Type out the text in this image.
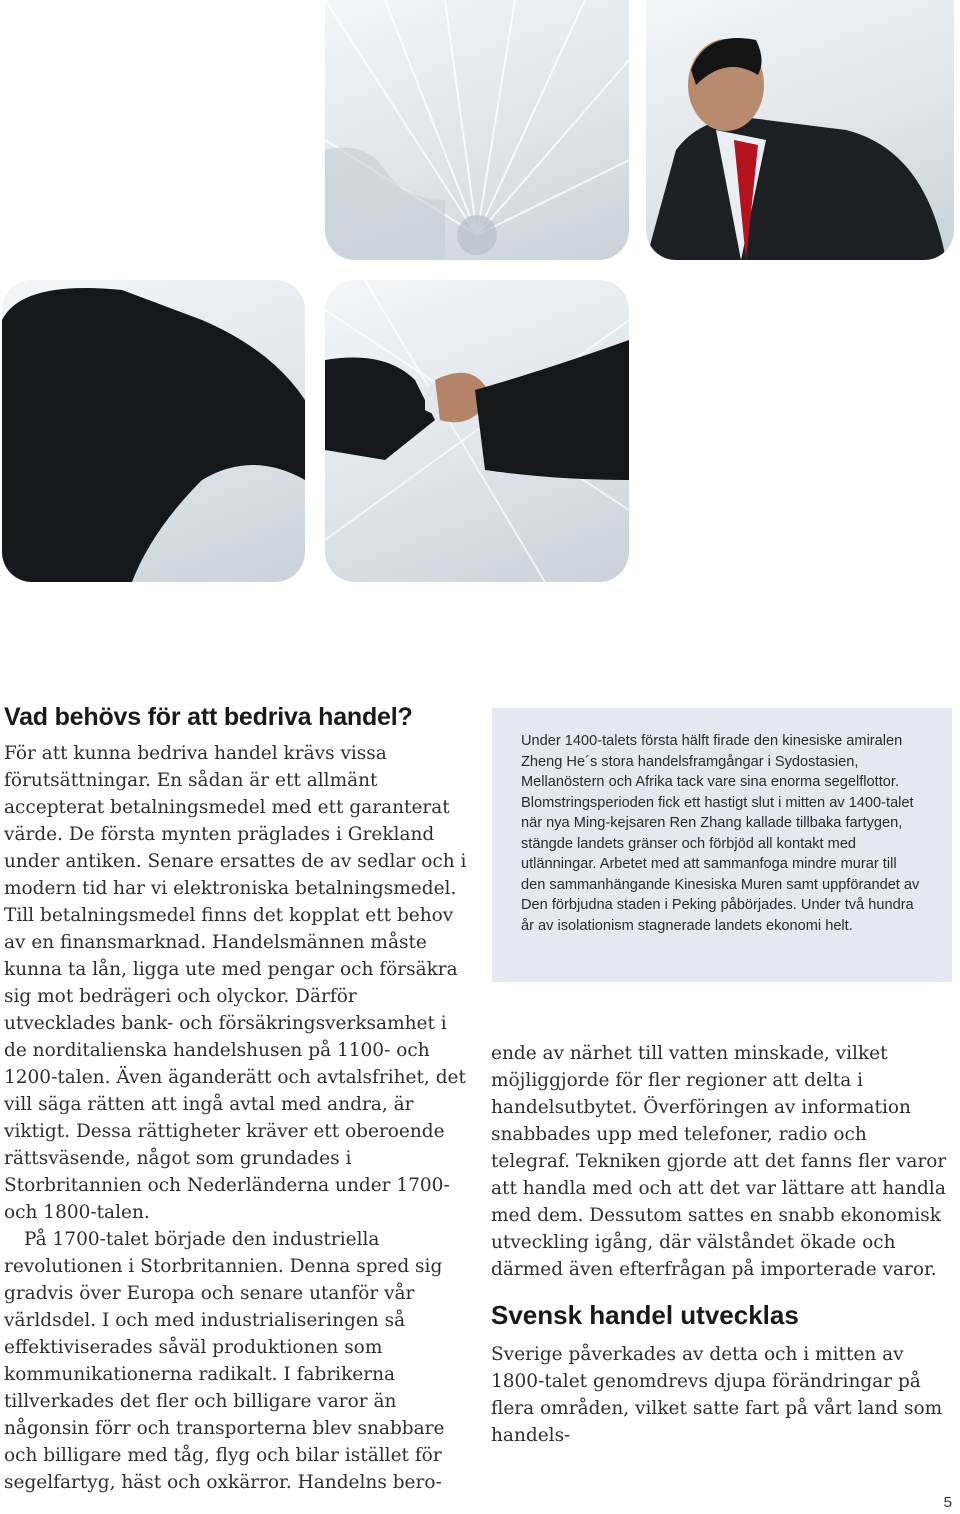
Vad behövs för att bedriva handel?

För att kunna bedriva handel krävs vissa förutsättningar. En sådan är ett allmänt accepterat betalningsmedel med ett garanterat värde. De första mynten präglades i Grekland under antiken. Senare ersattes de av sedlar och i modern tid har vi elektroniska betalningsmedel. Till betalningsmedel finns det kopplat ett behov av en finansmarknad. Handelsmännen måste kunna ta lån, ligga ute med pengar och försäkra sig mot bedrägeri och olyckor. Därför utvecklades bank- och försäkringsverksamhet i de norditalienska handelshusen på 1100- och 1200-talen. Även äganderätt och avtalsfrihet, det vill säga rätten att ingå avtal med andra, är viktigt. Dessa rättigheter kräver ett oberoende rättsväsende, något som grundades i Storbritannien och Nederländerna under 1700- och 1800-talen.

På 1700-talet började den industriella revolutionen i Storbritannien. Denna spred sig gradvis över Europa och senare utanför vår världsdel. I och med industrialiseringen så effektiviserades såväl produktionen som kommunikationerna radikalt. I fabrikerna tillverkades det fler och billigare varor än någonsin förr och transporterna blev snabbare och billigare med tåg, flyg och bilar istället för segelfartyg, häst och oxkärror. Handelns bero-

Under 1400-talets första hälft firade den kinesiske amiralen Zheng He´s stora handelsframgångar i Sydostasien, Mellanöstern och Afrika tack vare sina enorma segelflottor. Blomstringsperioden fick ett hastigt slut i mitten av 1400-talet när nya Ming-kejsaren Ren Zhang kallade tillbaka fartygen, stängde landets gränser och förbjöd all kontakt med utlänningar. Arbetet med att sammanfoga mindre murar till den sammanhängande Kinesiska Muren samt uppförandet av Den förbjudna staden i Peking påbörjades. Under två hundra år av isolationism stagnerade landets ekonomi helt.

ende av närhet till vatten minskade, vilket möjliggjorde för fler regioner att delta i handelsutbytet. Överföringen av information snabbades upp med telefoner, radio och telegraf. Tekniken gjorde att det fanns fler varor att handla med och att det var lättare att handla med dem. Dessutom sattes en snabb ekonomisk utveckling igång, där välståndet ökade och därmed även efterfrågan på importerade varor.

Svensk handel utvecklas

Sverige påverkades av detta och i mitten av 1800-talet genomdrevs djupa förändringar på flera områden, vilket satte fart på vårt land som handels-

5
